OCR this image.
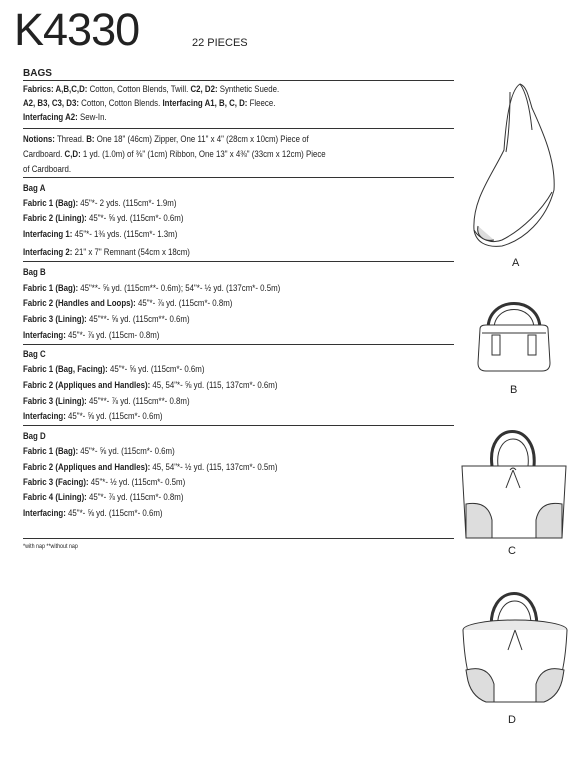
K4330	22 PIECES
BAGS
Fabrics: A,B,C,D: Cotton, Cotton Blends, Twill. C2, D2: Synthetic Suede.
A2, B3, C3, D3: Cotton, Cotton Blends. Interfacing A1, B, C, D: Fleece.
Interfacing A2: Sew-In.
Notions: Thread. B: One 18" (46cm) Zipper, One 11" x 4" (28cm x 10cm) Piece of
Cardboard. C,D: 1 yd. (1.0m) of ⅜" (1cm) Ribbon, One 13" x 4⅜" (33cm x 12cm) Piece
of Cardboard.
Bag A
Fabric 1 (Bag): 45"*- 2 yds. (115cm*- 1.9m)
Fabric 2 (Lining): 45"*- ⅝ yd. (115cm*- 0.6m)
Interfacing 1: 45"*- 1⅜ yds. (115cm*- 1.3m)
Interfacing 2: 21" x 7" Remnant (54cm x 18cm)
Bag B
Fabric 1 (Bag): 45"**- ⅝ yd. (115cm**- 0.6m); 54"*- ½ yd. (137cm*- 0.5m)
Fabric 2 (Handles and Loops): 45"*- ⅞ yd. (115cm*- 0.8m)
Fabric 3 (Lining): 45"**- ⅝ yd. (115cm**- 0.6m)
Interfacing: 45"*- ⅞ yd. (115cm- 0.8m)
Bag C
Fabric 1 (Bag, Facing): 45"*- ⅝ yd. (115cm*- 0.6m)
Fabric 2 (Appliques and Handles): 45, 54"*- ⅝ yd. (115, 137cm*- 0.6m)
Fabric 3 (Lining): 45"**- ⅞ yd. (115cm**- 0.8m)
Interfacing: 45"*- ⅝ yd. (115cm*- 0.6m)
Bag D
Fabric 1 (Bag): 45"*- ⅝ yd. (115cm*- 0.6m)
Fabric 2 (Appliques and Handles): 45, 54"*- ½ yd. (115, 137cm*- 0.5m)
Fabric 3 (Facing): 45"*- ½ yd. (115cm*- 0.5m)
Fabric 4 (Lining): 45"*- ⅞ yd. (115cm*- 0.8m)
Interfacing: 45"*- ⅝ yd. (115cm*- 0.6m)
*with nap **without nap
A
B
C
D
